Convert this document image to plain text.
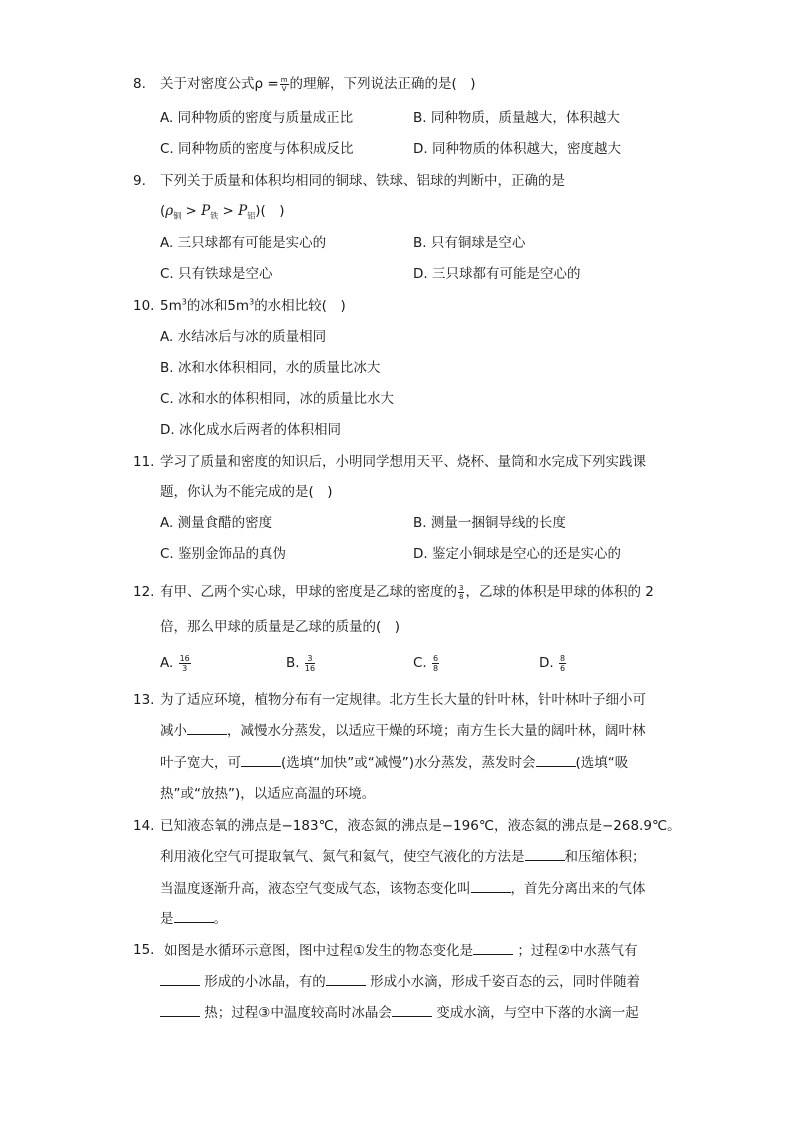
8. 关于对密度公式$\rho = \frac{m}{V}$ 的理解，下列说法正确的是(　)
A. 同种物质的密度与质量成正比	B. 同种物质，质量越大，体积越大
C. 同种物质的密度与体积成反比	D. 同种物质的体积越大，密度越大
9. 下列关于质量和体积均相同的铜球、铁球、铝球的判断中，正确的是
$(\rho_铜 > P_铁 > P_铝)$(　)
A. 三只球都有可能是实心的	B. 只有铜球是空心
C. 只有铁球是空心	D. 三只球都有可能是空心的
10. $5m^3$的冰和$5m^3$的水相比较(　)
A. 水结冰后与冰的质量相同
B. 冰和水体积相同，水的质量比冰大
C. 冰和水的体积相同，冰的质量比水大
D. 冰化成水后两者的体积相同
11. 学习了质量和密度的知识后，小明同学想用天平、烧杯、量筒和水完成下列实践课
题，你认为不能完成的是(　)
A. 测量食醋的密度	B. 测量一捆铜导线的长度
C. 鉴别金饰品的真伪	D. 鉴定小铜球是空心的还是实心的
12. 有甲、乙两个实心球，甲球的密度是乙球的密度的 $\frac{3}{8}$ ，乙球的体积是甲球的体积的 2
倍，那么甲球的质量是乙球的质量的(　)
A. $\frac{16}{3}$	B. $\frac{3}{16}$	C. $\frac{6}{8}$	D. $\frac{8}{6}$
13. 为了适应环境，植物分布有一定规律。北方生长大量的针叶林，针叶林叶子细小可
减小	，减慢水分蒸发，以适应干燥的环境；南方生长大量的阔叶林，阔叶林
叶子宽大，可	(选填“加快”或“减慢”)水分蒸发，蒸发时会	(选填“吸
热”或“放热”)，以适应高温的环境。
14. 已知液态氧的沸点是−183℃，液态氮的沸点是−196℃，液态氦的沸点是−268.9℃。
利用液化空气可提取氧气、氮气和氦气，使空气液化的方法是	和压缩体积；
当温度逐渐升高，液态空气变成气态，该物态变化叫	，首先分离出来的气体
是	。
15. 如图是水循环示意图，图中过程①发生的物态变化是	；过程②中水蒸气有
形成的小冰晶，有的	形成小水滴，形成千姿百态的云，同时伴随着
热；过程③中温度较高时冰晶会	变成水滴，与空中下落的水滴一起
